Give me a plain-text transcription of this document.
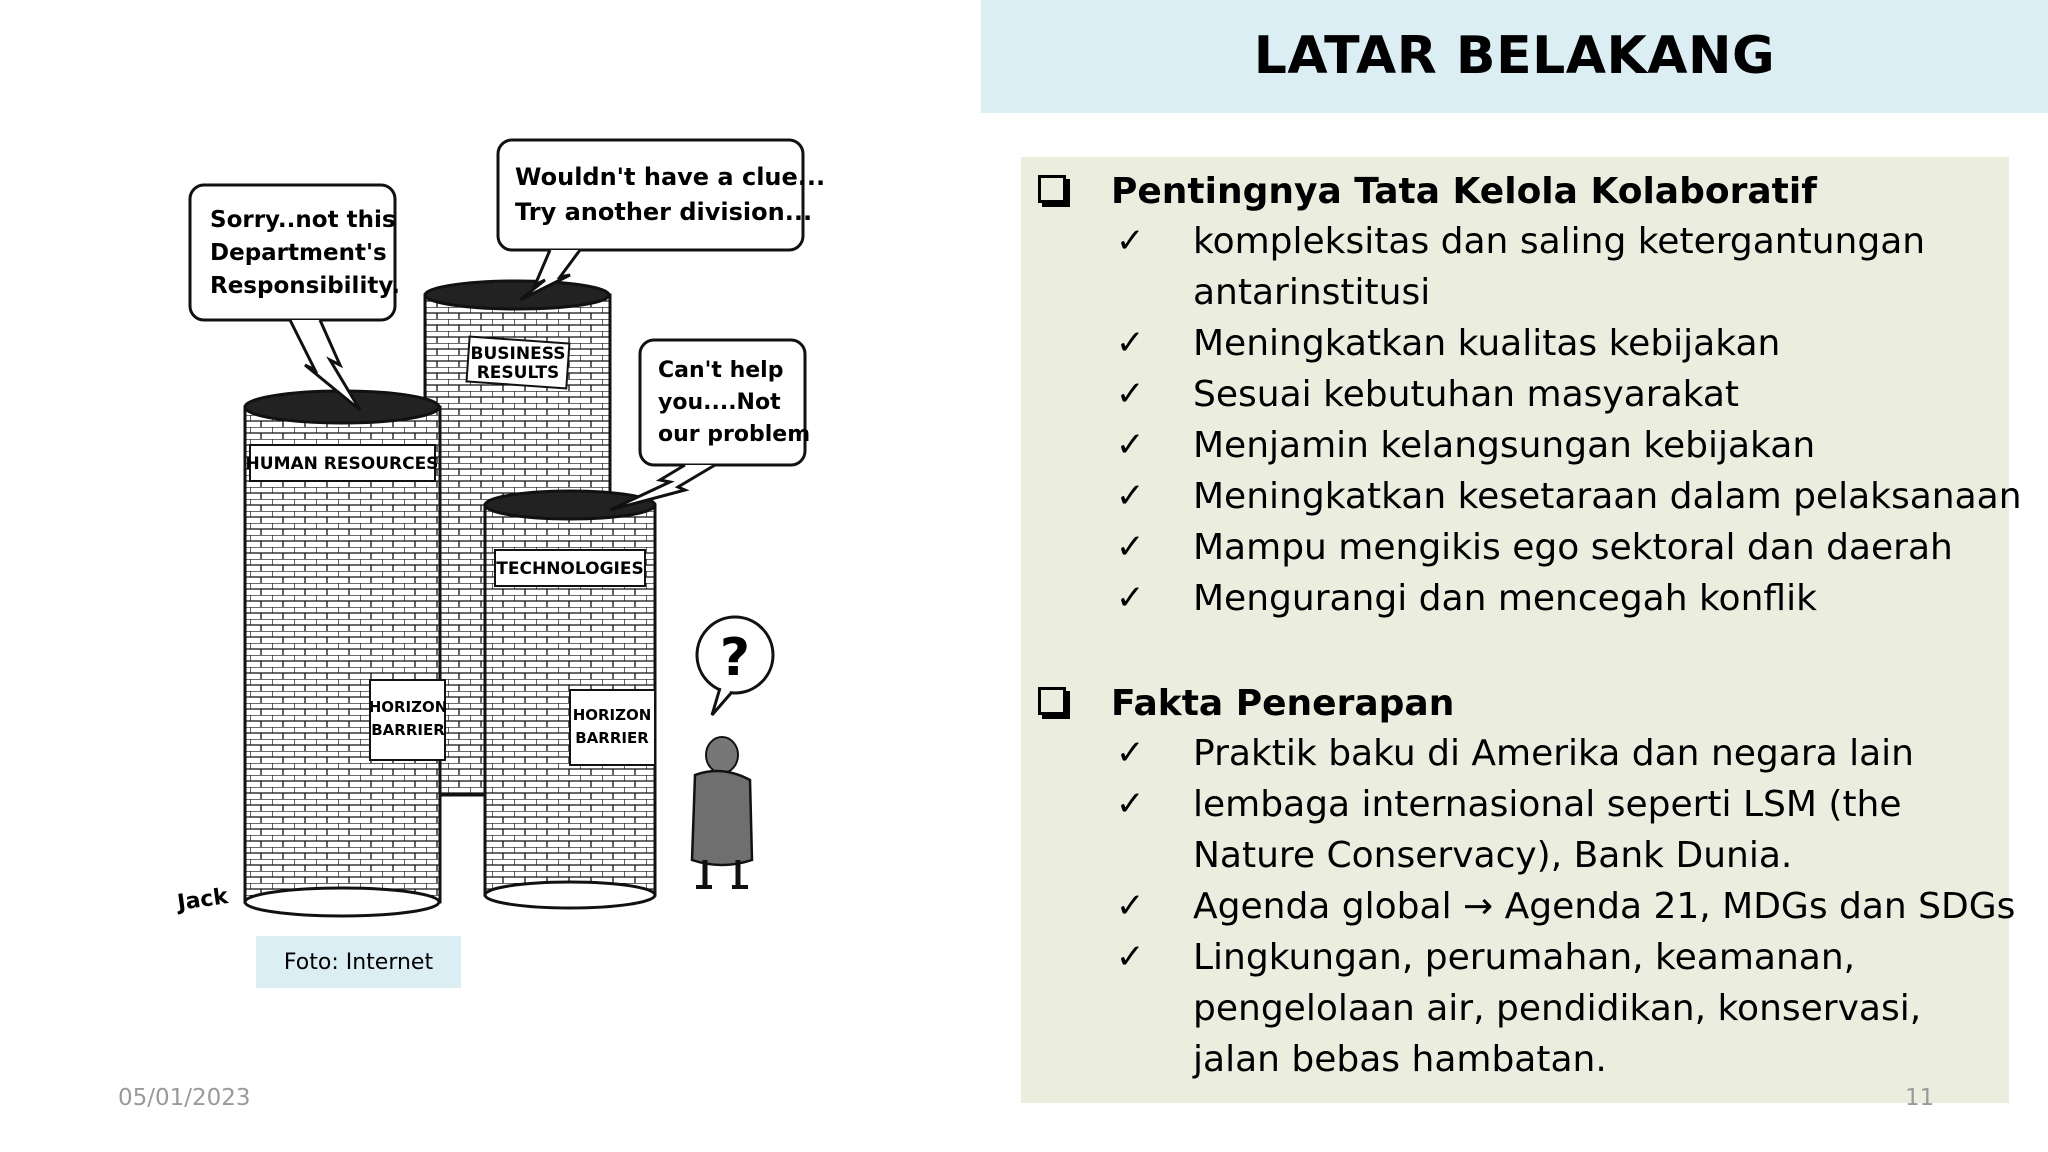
LATAR BELAKANG
BUSINESS
RESULTS
HUMAN RESOURCES
HORIZON
BARRIER
TECHNOLOGIES
HORIZON
BARRIER
Sorry..not this
Department's
Responsibility.
Wouldn't have a clue...
Try another division...
Can't help
you....Not
our problem
?
Jack
Foto: Internet
Pentingnya Tata Kelola Kolaboratif
✓	kompleksitas dan saling ketergantungan antarinstitusi
✓	Meningkatkan kualitas kebijakan
✓	Sesuai kebutuhan masyarakat
✓	Menjamin kelangsungan kebijakan
✓	Meningkatkan kesetaraan dalam pelaksanaan
✓	Mampu mengikis ego sektoral dan daerah
✓	Mengurangi dan mencegah konflik
Fakta Penerapan
✓	Praktik baku di Amerika dan negara lain
✓	lembaga internasional seperti LSM (the Nature Conservacy), Bank Dunia.
✓	Agenda global → Agenda 21, MDGs dan SDGs
✓	Lingkungan, perumahan, keamanan, pengelolaan air, pendidikan, konservasi, jalan bebas hambatan.
05/01/2023	11
